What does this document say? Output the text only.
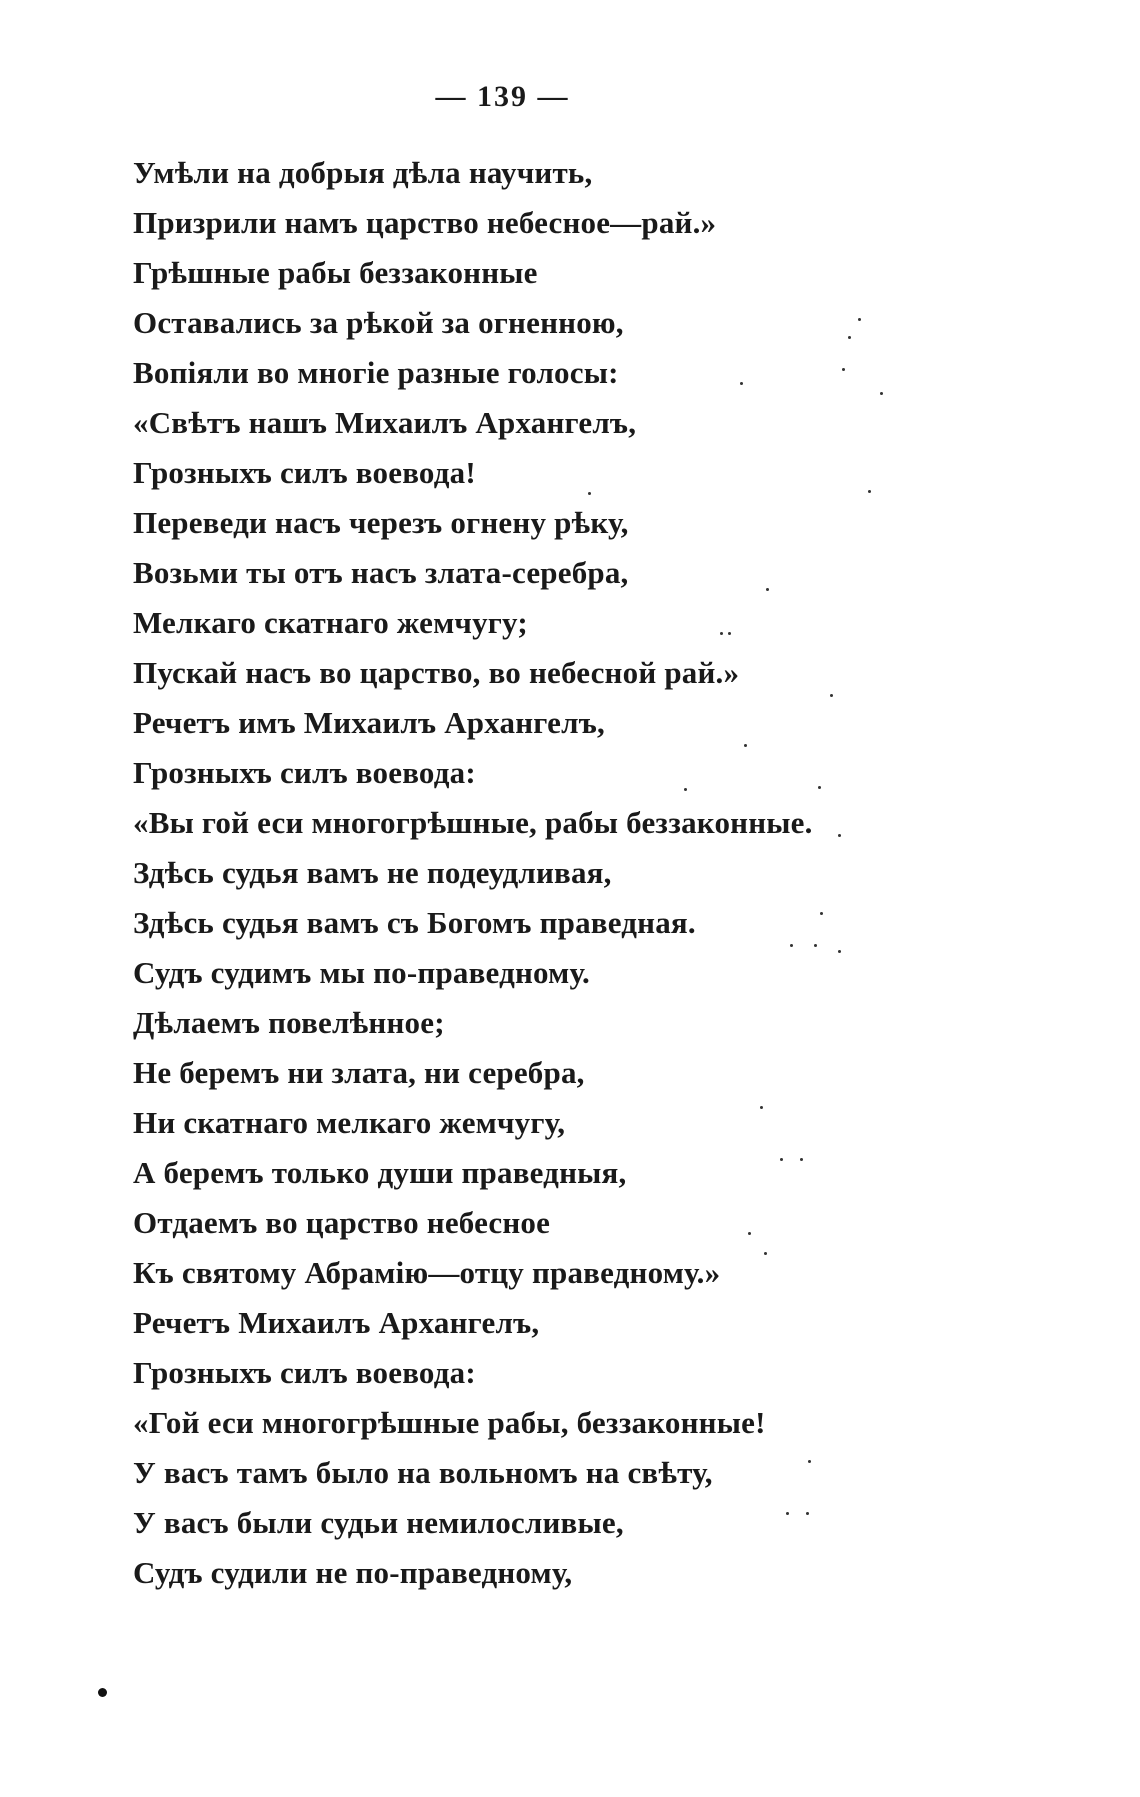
— 139 —

Умѣли на добрыя дѣла научить,
Призрили намъ царство небесное—рай.»
Грѣшные рабы беззаконные
Оставались за рѣкой за огненною,
Вопіяли во многіе разные голосы:
«Свѣтъ нашъ Михаилъ Архангелъ,
Грозныхъ силъ воевода!
Переведи насъ черезъ огнену рѣку,
Возьми ты отъ насъ злата-серебра,
Мелкаго скатнаго жемчугу;
Пускай насъ во царство, во небесной рай.»
Речетъ имъ Михаилъ Архангелъ,
Грозныхъ силъ воевода:
«Вы гой еси многогрѣшные, рабы беззаконные.
Здѣсь судья вамъ не подеудливая,
Здѣсь судья вамъ съ Богомъ праведная.
Судъ судимъ мы по-праведному.
Дѣлаемъ повелѣнное;
Не беремъ ни злата, ни серебра,
Ни скатнаго мелкаго жемчугу,
А беремъ только души праведныя,
Отдаемъ во царство небесное
Къ святому Абрамію—отцу праведному.»
Речетъ Михаилъ Архангелъ,
Грозныхъ силъ воевода:
«Гой еси многогрѣшные рабы, беззаконные!
У васъ тамъ было на вольномъ на свѣту,
У васъ были судьи немилосливые,
Судъ судили не по-праведному,
